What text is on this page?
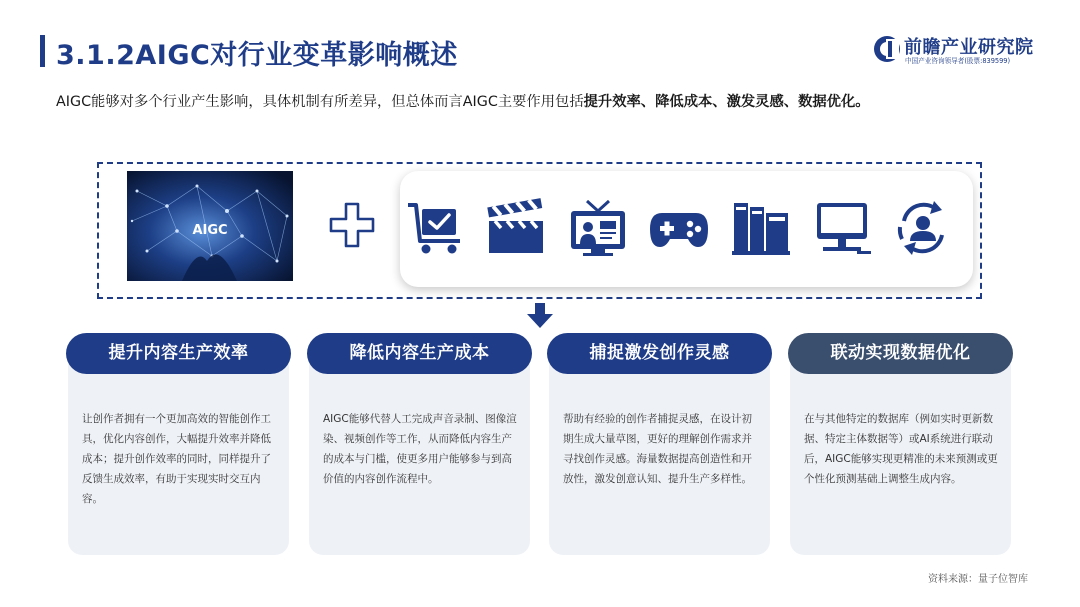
3.1.2AIGC对行业变革影响概述	前瞻产业研究院
中国产业咨询领导者(股票:839599)
AIGC能够对多个行业产生影响，具体机制有所差异，但总体而言AIGC主要作用包括提升效率、降低成本、激发灵感、数据优化。
AIGC
提升内容生产效率
让创作者拥有一个更加高效的智能创作工具，优化内容创作，大幅提升效率并降低成本；提升创作效率的同时，同样提升了反馈生成效率，有助于实现实时交互内容。
降低内容生产成本
AIGC能够代替人工完成声音录制、图像渲染、视频创作等工作，从而降低内容生产的成本与门槛，使更多用户能够参与到高价值的内容创作流程中。
捕捉激发创作灵感
帮助有经验的创作者捕捉灵感，在设计初期生成大量草图，更好的理解创作需求并寻找创作灵感。海量数据提高创造性和开放性，激发创意认知、提升生产多样性。
联动实现数据优化
在与其他特定的数据库（例如实时更新数据、特定主体数据等）或AI系统进行联动后，AIGC能够实现更精准的未来预测或更个性化预测基础上调整生成内容。
资料来源：量子位智库
